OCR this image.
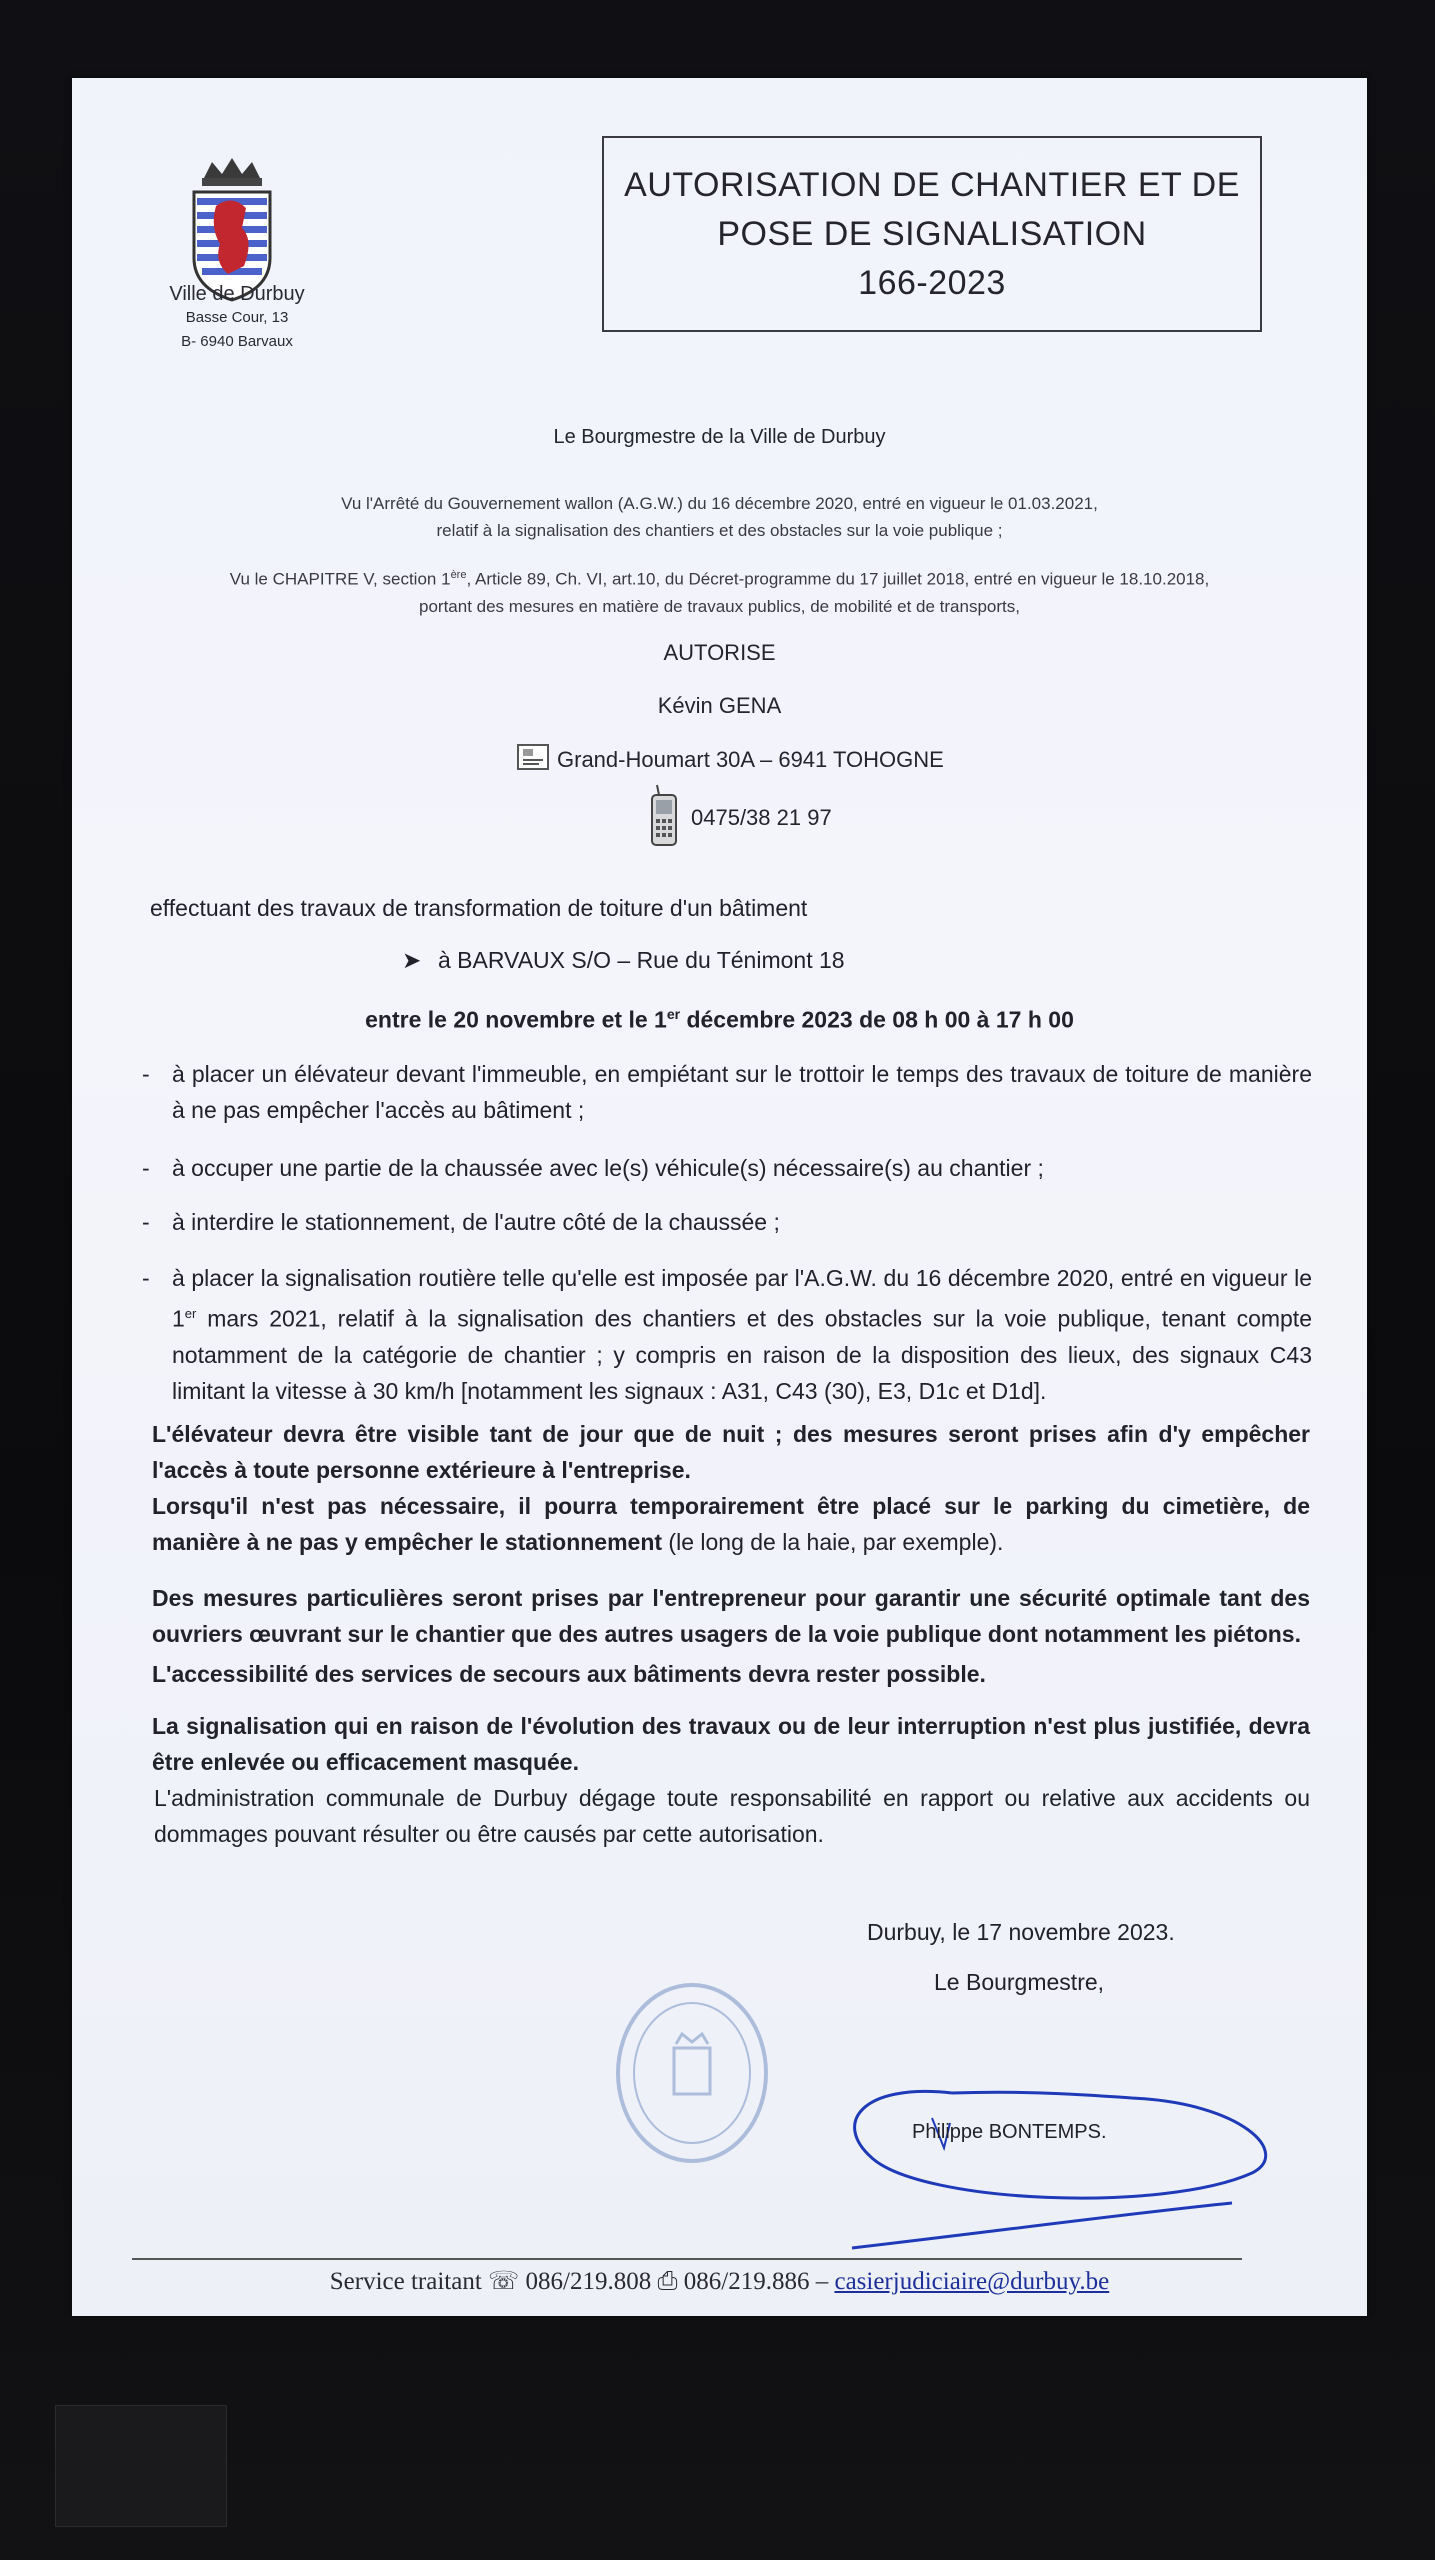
Ville de Durbuy
Basse Cour, 13
B- 6940 Barvaux
AUTORISATION DE CHANTIER ET DE
POSE DE SIGNALISATION
166-2023
Le Bourgmestre de la Ville de Durbuy
Vu l'Arrêté du Gouvernement wallon (A.G.W.) du 16 décembre 2020, entré en vigueur le 01.03.2021,
relatif à la signalisation des chantiers et des obstacles sur la voie publique ;
Vu le CHAPITRE V, section 1ère, Article 89, Ch. VI, art.10, du Décret-programme du 17 juillet 2018, entré en vigueur le 18.10.2018,
portant des mesures en matière de travaux publics, de mobilité et de transports,
AUTORISE
Kévin GENA
Grand-Houmart 30A – 6941 TOHOGNE
0475/38 21 97
effectuant des travaux de transformation de toiture d'un bâtiment
➤ à BARVAUX S/O – Rue du Ténimont 18
entre le 20 novembre et le 1er décembre 2023 de 08 h 00 à 17 h 00
- à placer un élévateur devant l'immeuble, en empiétant sur le trottoir le temps des travaux de toiture de manière à ne pas empêcher l'accès au bâtiment ;
- à occuper une partie de la chaussée avec le(s) véhicule(s) nécessaire(s) au chantier ;
- à interdire le stationnement, de l'autre côté de la chaussée ;
- à placer la signalisation routière telle qu'elle est imposée par l'A.G.W. du 16 décembre 2020, entré en vigueur le 1er mars 2021, relatif à la signalisation des chantiers et des obstacles sur la voie publique, tenant compte notamment de la catégorie de chantier ; y compris en raison de la disposition des lieux, des signaux C43 limitant la vitesse à 30 km/h [notamment les signaux : A31, C43 (30), E3, D1c et D1d].
L'élévateur devra être visible tant de jour que de nuit ; des mesures seront prises afin d'y empêcher l'accès à toute personne extérieure à l'entreprise.
Lorsqu'il n'est pas nécessaire, il pourra temporairement être placé sur le parking du cimetière, de manière à ne pas y empêcher le stationnement (le long de la haie, par exemple).
Des mesures particulières seront prises par l'entrepreneur pour garantir une sécurité optimale tant des ouvriers œuvrant sur le chantier que des autres usagers de la voie publique dont notamment les piétons.
L'accessibilité des services de secours aux bâtiments devra rester possible.
La signalisation qui en raison de l'évolution des travaux ou de leur interruption n'est plus justifiée, devra être enlevée ou efficacement masquée.
L'administration communale de Durbuy dégage toute responsabilité en rapport ou relative aux accidents ou dommages pouvant résulter ou être causés par cette autorisation.
Durbuy, le 17 novembre 2023.
Le Bourgmestre,
Philippe BONTEMPS.
Service traitant ☏ 086/219.808 ⎙ 086/219.886 – casierjudiciaire@durbuy.be
